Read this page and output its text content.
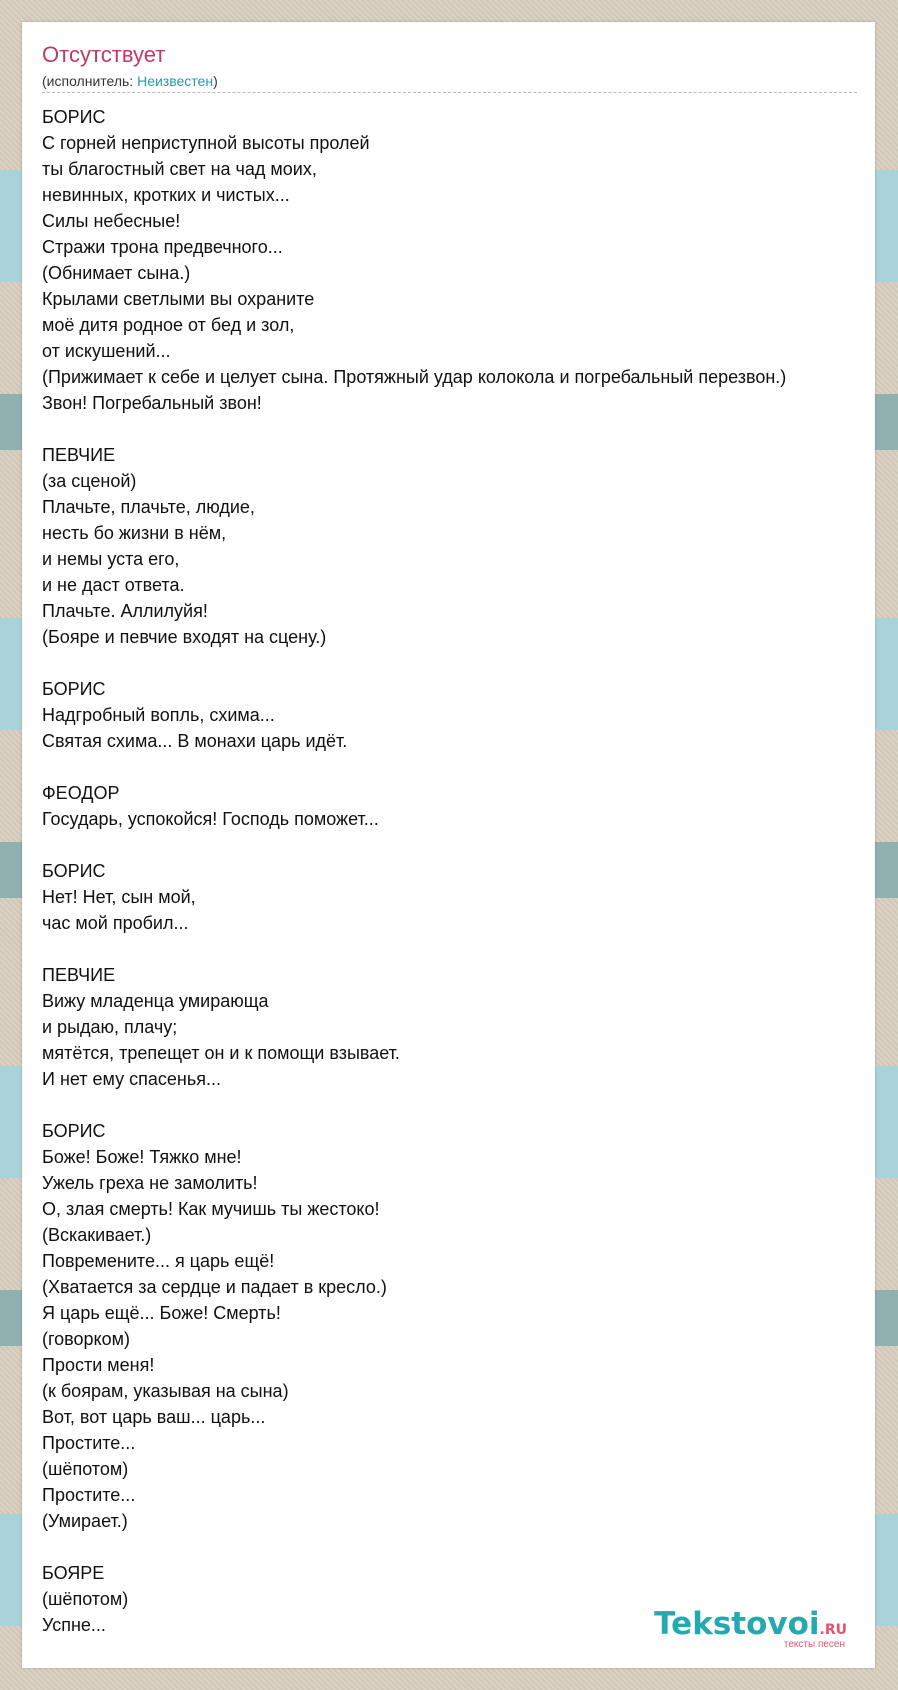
Отсутствует
(исполнитель: Неизвестен)
БОРИС
С горней неприступной высоты пролей
ты благостный свет на чад моих,
невинных, кротких и чистых...
Силы небесные!
Стражи трона предвечного...
(Обнимает сына.)
Крылами светлыми вы охраните
моё дитя родное от бед и зол,
от искушений...
(Прижимает к себе и целует сына. Протяжный удар колокола и погребальный перезвон.)
Звон! Погребальный звон!

ПЕВЧИЕ
(за сценой)
Плачьте, плачьте, людие,
несть бо жизни в нём,
и немы уста его,
и не даст ответа.
Плачьте. Аллилуйя!
(Бояре и певчие входят на сцену.)

БОРИС
Надгробный вопль, схима...
Святая схима... В монахи царь идёт.

ФЕОДОР
Государь, успокойся! Господь поможет...

БОРИС
Нет! Нет, сын мой,
час мой пробил...

ПЕВЧИЕ
Вижу младенца умирающа
и рыдаю, плачу;
мятётся, трепещет он и к помощи взывает.
И нет ему спасенья...

БОРИС
Боже! Боже! Тяжко мне!
Ужель греха не замолить!
О, злая смерть! Как мучишь ты жестоко!
(Вскакивает.)
Повремените... я царь ещё!
(Хватается за сердце и падает в кресло.)
Я царь ещё... Боже! Смерть!
(говорком)
Прости меня!
(к боярам, указывая на сына)
Вот, вот царь ваш... царь...
Простите...
(шёпотом)
Простите...
(Умирает.)

БОЯРЕ
(шёпотом)
Успне...	Tekstovoi.RU
тексты песен
